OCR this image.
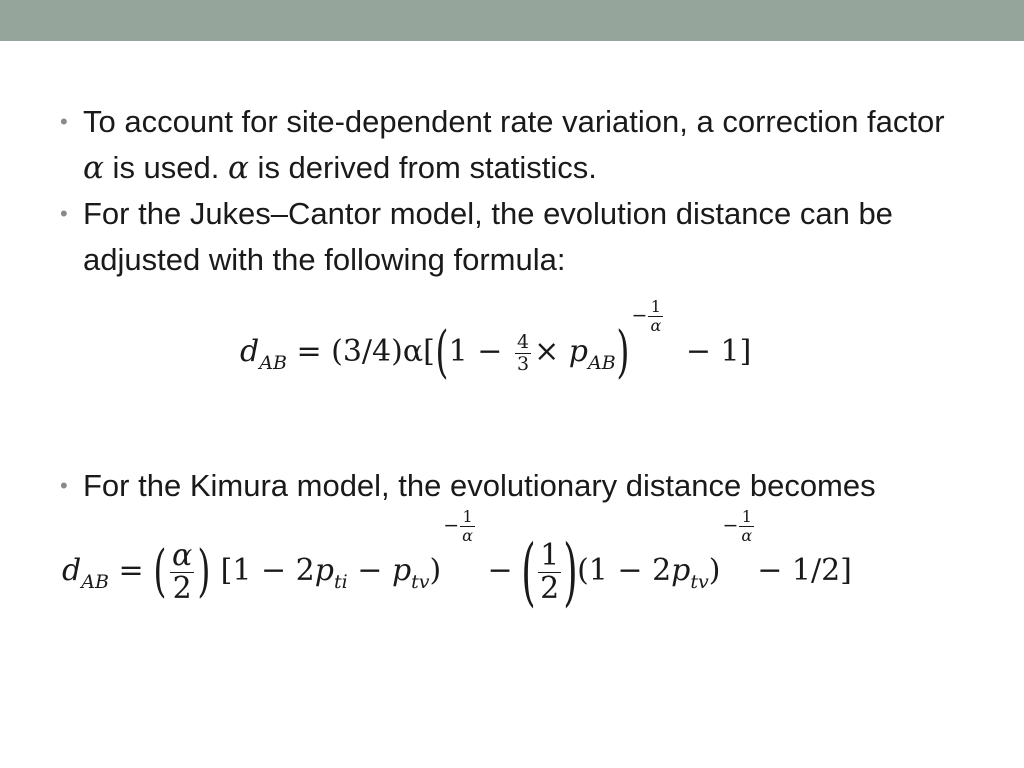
• To account for site-dependent rate variation, a correction factor α is used. α is derived from statistics.
• For the Jukes–Cantor model, the evolution distance can be adjusted with the following formula:
$d_{AB} = (3/4)\alpha[(1 - \frac{4}{3} \times p_{AB})- \frac{1}{\alpha}$
− 1]
• For the Kimura model, the evolutionary distance becomes
$d_{AB}$ = ( $\frac{\alpha}{2}$ ) $[1 - 2p_{ti} - p_{tv})- \frac{1}{\alpha}$
− ( $\frac{1}{2} )(1 - 2p_{tv})- \frac{1}{\alpha}$
− 1/2]
